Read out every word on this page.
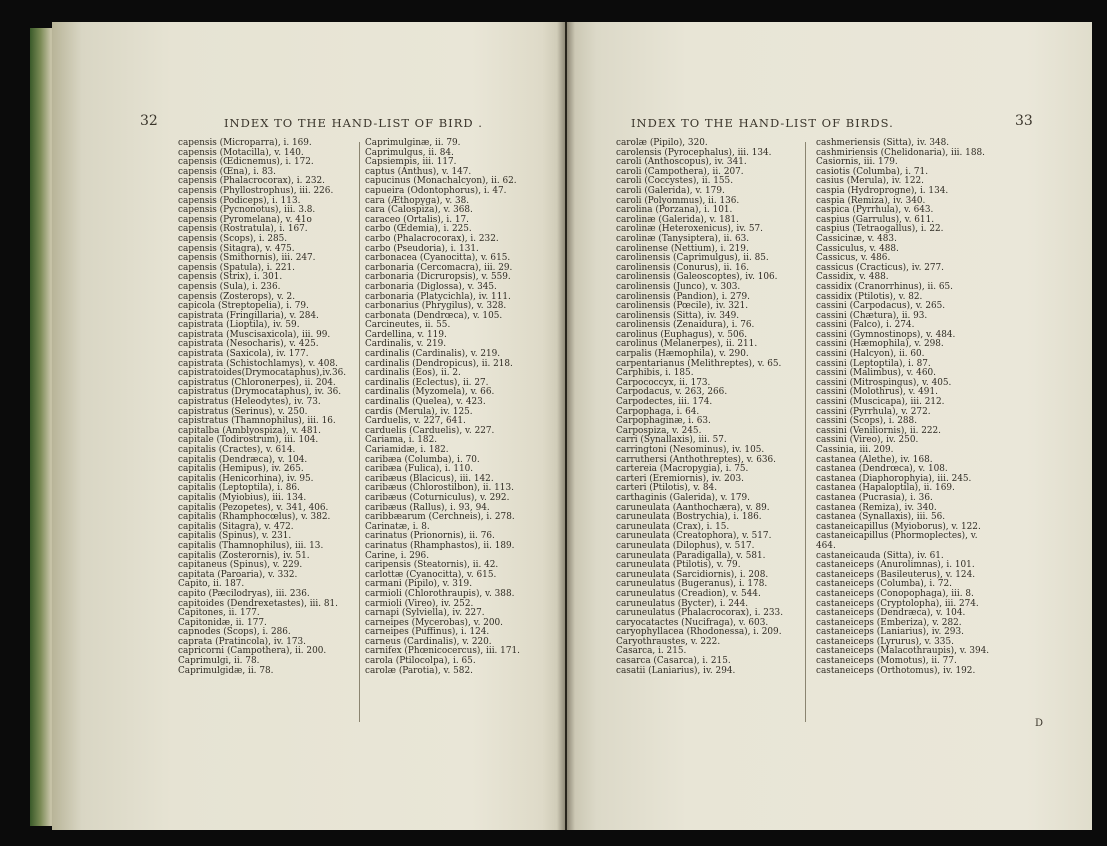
32	INDEX TO THE HAND-LIST OF BIRD .
capensis (Microparra), i. 169.
capensis (Motacilla), v. 140.
capensis (Œdicnemus), i. 172.
capensis (Œna), i. 83.
capensis (Phalacrocorax), i. 232.
capensis (Phyllostrophus), iii. 226.
capensis (Podiceps), i. 113.
capensis (Pycnonotus), iii. 3.8.
capensis (Pyromelana), v. 41o
capensis (Rostratula), i. 167.
capensis (Scops), i. 285.
capensis (Sitagra), v. 475.
capensis (Smithornis), iii. 247.
capensis (Spatula), i. 221.
capensis (Strix), i. 301.
capensis (Sula), i. 236.
capensis (Zosterops), v. 2.
capicola (Streptopelia), i. 79.
capistrata (Fringillaria), v. 284.
capistrata (Lioptila), iv. 59.
capistrata (Muscisaxicola), iii. 99.
capistrata (Nesocharis), v. 425.
capistrata (Saxicola), iv. 177.
capistrata (Schistochlamys), v. 408.
capistratoides(Drymocataphus),iv.36.
capistratus (Chloronerpes), ii. 204.
capistratus (Drymocataphus), iv. 36.
capistratus (Heleodytes), iv. 73.
capistratus (Serinus), v. 250.
capistratus (Thamnophilus), iii. 16.
capitalba (Amblyospiza), v. 481.
capitale (Todirostrum), iii. 104.
capitalis (Cractes), v. 614.
capitalis (Dendræca), v. 104.
capitalis (Hemipus), iv. 265.
capitalis (Henicorhina), iv. 95.
capitalis (Leptoptila), i. 86.
capitalis (Myiobius), iii. 134.
capitalis (Pezopetes), v. 341, 406.
capitalis (Rhamphocœlus), v. 382.
capitalis (Sitagra), v. 472.
capitalis (Spinus), v. 231.
capitalis (Thamnophilus), iii. 13.
capitalis (Zosterornis), iv. 51.
capitaneus (Spinus), v. 229.
capitata (Paroaria), v. 332.
Capito, ii. 187.
capito (Pæcilodryas), iii. 236.
capitoides (Dendrexetastes), iii. 81.
Capitones, ii. 177.
Capitonidæ, ii. 177.
capnodes (Scops), i. 286.
caprata (Pratincola), iv. 173.
capricorni (Campothera), ii. 200.
Caprimulgi, ii. 78.
Caprimulgidæ, ii. 78.
Caprimulginæ, ii. 79.
Caprimulgus, ii. 84.
Capsiempis, iii. 117.
captus (Anthus), v. 147.
capucinus (Monachalcyon), ii. 62.
capueira (Odontophorus), i. 47.
cara (Æthopyga), v. 38.
cara (Calospiza), v. 368.
caraceo (Ortalis), i. 17.
carbo (Œdemia), i. 225.
carbo (Phalacrocorax), i. 232.
carbo (Pseudoria), i. 131.
carbonacea (Cyanocitta), v. 615.
carbonaria (Cercomacra), iii. 29.
carbonaria (Dicruropsis), v. 559.
carbonaria (Diglossa), v. 345.
carbonaria (Platycichla), iv. 111.
carbonarius (Phrygilus), v. 328.
carbonata (Dendrœca), v. 105.
Carcineutes, ii. 55.
Cardellina, v. 119.
Cardinalis, v. 219.
cardinalis (Cardinalis), v. 219.
cardinalis (Dendropicus), ii. 218.
cardinalis (Eos), ii. 2.
cardinalis (Eclectus), ii. 27.
cardinalis (Myzomela), v. 66.
cardinalis (Quelea), v. 423.
cardis (Merula), iv. 125.
Carduelis, v. 227, 641.
carduelis (Carduelis), v. 227.
Cariama, i. 182.
Cariamidæ, i. 182.
caribæa (Columba), i. 70.
caribæa (Fulica), i. 110.
caribæus (Blacicus), iii. 142.
caribæus (Chlorostilbon), ii. 113.
caribæus (Coturniculus), v. 292.
caribæus (Rallus), i. 93, 94.
caribbæarum (Cerchneis), i. 278.
Carinatæ, i. 8.
carinatus (Prionornis), ii. 76.
carinatus (Rhamphastos), ii. 189.
Carine, i. 296.
caripensis (Steatornis), ii. 42.
carlottæ (Cyanocitta), v. 615.
carmani (Pipilo), v. 319.
carmioli (Chlorothraupis), v. 388.
carmioli (Vireo), iv. 252.
carnapi (Sylviella), iv. 227.
carneipes (Mycerobas), v. 200.
carneipes (Puffinus), i. 124.
carneus (Cardinalis), v. 220.
carnifex (Phœnicocercus), iii. 171.
carola (Ptilocolpa), i. 65.
carolæ (Parotia), v. 582.
INDEX TO THE HAND-LIST OF BIRDS.	33
carolæ (Pipilo), 320.
carolensis (Pyrocephalus), iii. 134.
caroli (Anthoscopus), iv. 341.
caroli (Campothera), ii. 207.
caroli (Coccystes), ii. 155.
caroli (Galerida), v. 179.
caroli (Polyommus), ii. 136.
carolina (Porzana), i. 101.
carolinæ (Galerida), v. 181.
carolinæ (Heteroxenicus), iv. 57.
carolinæ (Tanysiptera), ii. 63.
carolinense (Nettium), i. 219.
carolinensis (Caprimulgus), ii. 85.
carolinensis (Conurus), ii. 16.
carolinensis (Galeoscoptes), iv. 106.
carolinensis (Junco), v. 303.
carolinensis (Pandion), i. 279.
carolinensis (Pœcile), iv. 321.
carolinensis (Sitta), iv. 349.
carolinensis (Zenaidura), i. 76.
carolinus (Euphagus), v. 506.
carolinus (Melanerpes), ii. 211.
carpalis (Hæmophila), v. 290.
carpentarianus (Melithreptes), v. 65.
Carphibis, i. 185.
Carpococcyx, ii. 173.
Carpodacus, v. 263, 266.
Carpodectes, iii. 174.
Carpophaga, i. 64.
Carpophaginæ, i. 63.
Carpospiza, v. 245.
carri (Synallaxis), iii. 57.
carringtoni (Nesominus), iv. 105.
carruthersi (Anthothreptes), v. 636.
cartereia (Macropygia), i. 75.
carteri (Eremiornis), iv. 203.
carteri (Ptilotis), v. 84.
carthaginis (Galerida), v. 179.
caruneulata (Aanthochæra), v. 89.
caruneulata (Bostrychia), i. 186.
caruneulata (Crax), i. 15.
caruneulata (Creatophora), v. 517.
caruneulata (Dilophus), v. 517.
caruneulata (Paradigalla), v. 581.
caruneulata (Ptilotis), v. 79.
caruneulata (Sarcidiornis), i. 208.
caruneulatus (Bugeranus), i. 178.
caruneulatus (Creadion), v. 544.
caruneulatus (Bycter), i. 244.
caruneulatus (Phalacrocorax), i. 233.
caryocatactes (Nucifraga), v. 603.
caryophyllacea (Rhodonessa), i. 209.
Caryothraustes, v. 222.
Casarca, i. 215.
casarca (Casarca), i. 215.
casatii (Laniarius), iv. 294.
cashmeriensis (Sitta), iv. 348.
cashmiriensis (Chelidonaria), iii. 188.
Casiornis, iii. 179.
casiotis (Columba), i. 71.
casius (Merula), iv. 122.
caspia (Hydroprogne), i. 134.
caspia (Remiza), iv. 340.
caspica (Pyrrhula), v. 643.
caspius (Garrulus), v. 611.
caspius (Tetraogallus), i. 22.
Cassicinæ, v. 483.
Cassiculus, v. 488.
Cassicus, v. 486.
cassicus (Cracticus), iv. 277.
Cassidix, v. 488.
cassidix (Cranorrhinus), ii. 65.
cassidix (Ptilotis), v. 82.
cassini (Carpodacus), v. 265.
cassini (Chætura), ii. 93.
cassini (Falco), i. 274.
cassini (Gymnostinops), v. 484.
cassini (Hæmophila), v. 298.
cassini (Halcyon), ii. 60.
cassini (Leptoptila), i. 87.
cassini (Malimbus), v. 460.
cassini (Mitrospingus), v. 405.
cassini (Molothrus), v. 491.
cassini (Muscicapa), iii. 212.
cassini (Pyrrhula), v. 272.
cassini (Scops), i. 288.
cassini (Veniliornis), ii. 222.
cassini (Vireo), iv. 250.
Cassinia, iii. 209.
castanea (Alethe), iv. 168.
castanea (Dendrœca), v. 108.
castanea (Diaphorophyia), iii. 245.
castanea (Hapaloptila), ii. 169.
castanea (Pucrasia), i. 36.
castanea (Remiza), iv. 340.
castanea (Synallaxis), iii. 56.
castaneicapillus (Myioborus), v. 122.
castaneicapillus (Phormoplectes), v.
464.
castaneicauda (Sitta), iv. 61.
castaneiceps (Anurolimnas), i. 101.
castaneiceps (Basileuterus), v. 124.
castaneiceps (Columba), i. 72.
castaneiceps (Conopophaga), iii. 8.
castaneiceps (Cryptolopha), iii. 274.
castaneiceps (Dendræca), v. 104.
castaneiceps (Emberiza), v. 282.
castaneiceps (Laniarius), iv. 293.
castaneiceps (Lyrurus), v. 335.
castaneiceps (Malacothraupis), v. 394.
castaneiceps (Momotus), ii. 77.
castaneiceps (Orthotomus), iv. 192.
D
